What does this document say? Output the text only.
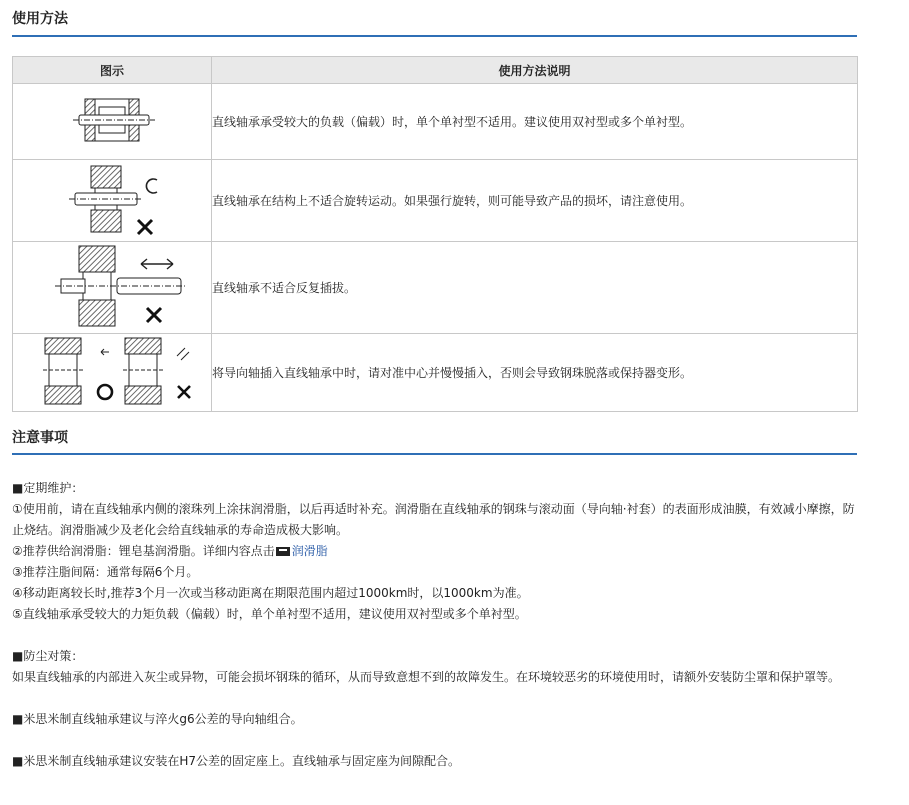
使用方法
图示	使用方法说明
	直线轴承承受较大的负载（偏载）时，单个单衬型不适用。建议使用双衬型或多个单衬型。
	直线轴承在结构上不适合旋转运动。如果强行旋转，则可能导致产品的损坏，请注意使用。
	直线轴承不适合反复插拔。
	将导向轴插入直线轴承中时，请对准中心并慢慢插入，否则会导致钢珠脱落或保持器变形。
注意事项

■定期维护：

①使用前，请在直线轴承内侧的滚珠列上涂抹润滑脂，以后再适时补充。润滑脂在直线轴承的钢珠与滚动面（导向轴·衬套）的表面形成油膜，有效减小摩擦，防止烧结。润滑脂减少及老化会给直线轴承的寿命造成极大影响。

②推荐供给润滑脂：锂皂基润滑脂。详细内容点击 润滑脂

③推荐注脂间隔：通常每隔6个月。

④移动距离较长时,推荐3个月一次或当移动距离在期限范围内超过1000km时，以1000km为准。

⑤直线轴承承受较大的力矩负载（偏载）时，单个单衬型不适用，建议使用双衬型或多个单衬型。

■防尘对策：

如果直线轴承的内部进入灰尘或异物，可能会损坏钢珠的循环，从而导致意想不到的故障发生。在环境较恶劣的环境使用时，请额外安装防尘罩和保护罩等。

■米思米制直线轴承建议与淬火g6公差的导向轴组合。

■米思米制直线轴承建议安装在H7公差的固定座上。直线轴承与固定座为间隙配合。
